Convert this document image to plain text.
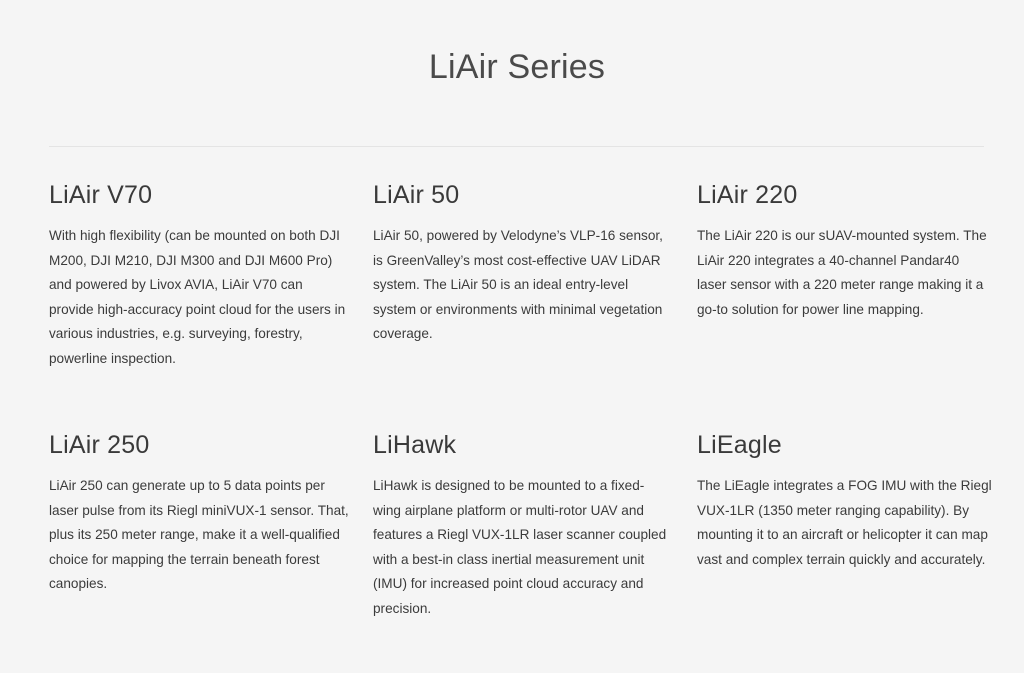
LiAir Series
LiAir V70

With high flexibility (can be mounted on both DJI M200, DJI M210, DJI M300 and DJI M600 Pro) and powered by Livox AVIA, LiAir V70 can provide high-accuracy point cloud for the users in various industries, e.g. surveying, forestry, powerline inspection.

LiAir 50

LiAir 50, powered by Velodyne’s VLP-16 sensor, is GreenValley’s most cost-effective UAV LiDAR system. The LiAir 50 is an ideal entry-level system or environments with minimal vegetation coverage.

LiAir 220

The LiAir 220 is our sUAV-mounted system. The LiAir 220 integrates a 40-channel Pandar40 laser sensor with a 220 meter range making it a go-to solution for power line mapping.

LiAir 250

LiAir 250 can generate up to 5 data points per laser pulse from its Riegl miniVUX-1 sensor. That, plus its 250 meter range, make it a well-qualified choice for mapping the terrain beneath forest canopies.

LiHawk

LiHawk is designed to be mounted to a fixed-wing airplane platform or multi-rotor UAV and features a Riegl VUX-1LR laser scanner coupled with a best-in class inertial measurement unit (IMU) for increased point cloud accuracy and precision.

LiEagle

The LiEagle integrates a FOG IMU with the Riegl VUX-1LR (1350 meter ranging capability). By mounting it to an aircraft or helicopter it can map vast and complex terrain quickly and accurately.
